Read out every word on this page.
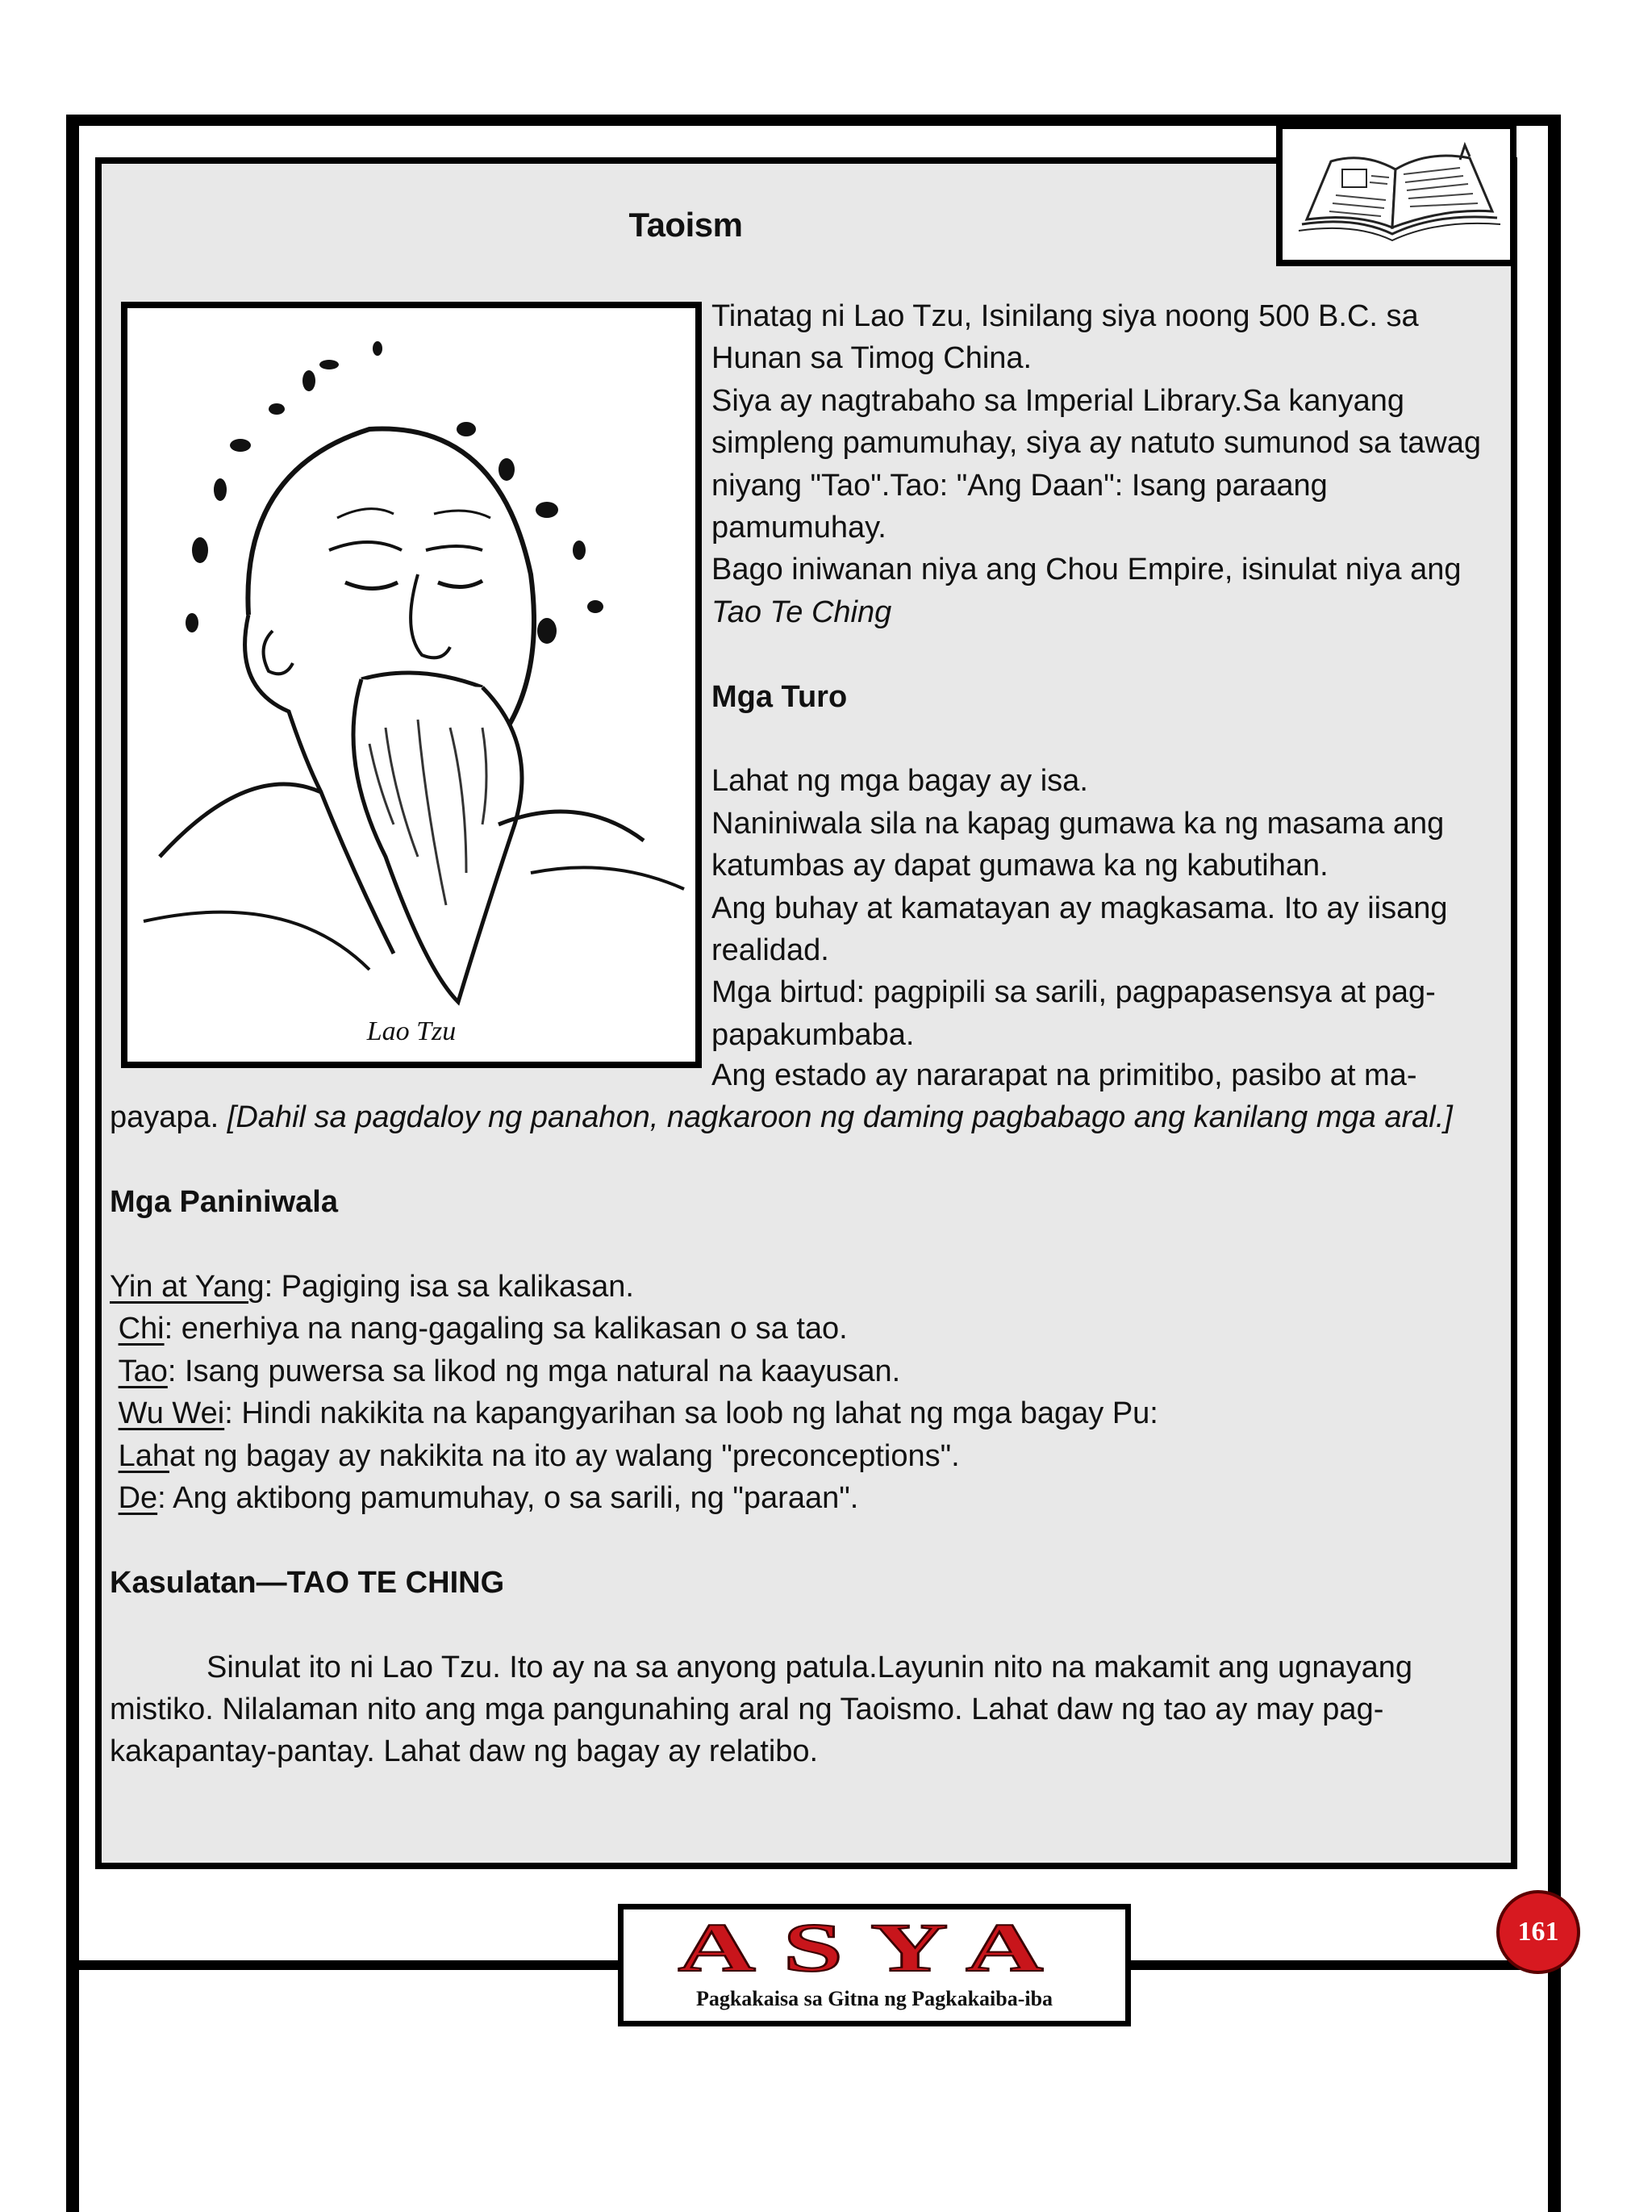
Taoism
Lao Tzu

Tinatag ni Lao Tzu, Isinilang siya noong 500 B.C. sa Hunan sa Timog China.

Siya ay nagtrabaho sa Imperial Library.Sa kanyang simpleng pamumuhay, siya ay natuto sumunod sa tawag niyang "Tao".Tao: "Ang Daan": Isang paraang pamumuhay.

Bago iniwanan niya ang Chou Empire, isinulat niya ang Tao Te Ching

Mga Turo

Lahat ng mga bagay ay isa.

Naniniwala sila na kapag gumawa ka ng masama ang katumbas ay dapat gumawa ka ng kabutihan.

Ang buhay at kamatayan ay magkasama. Ito ay iisang realidad.

Mga birtud: pagpipili sa sarili, pagpapasensya at pag-papakumbaba.

Ang estado ay nararapat na primitibo, pasibo at ma-

payapa. [Dahil sa pagdaloy ng panahon, nagkaroon ng daming pagbabago ang kanilang mga aral.]

Mga Paniniwala

Yin at Yang: Pagiging isa sa kalikasan.

Chi: enerhiya na nang-gagaling sa kalikasan o sa tao.

Tao: Isang puwersa sa likod ng mga natural na kaayusan.

Wu Wei: Hindi nakikita na kapangyarihan sa loob ng lahat ng mga bagay Pu:

Lahat ng bagay ay nakikita na ito ay walang "preconceptions".

De: Ang aktibong pamumuhay, o sa sarili, ng "paraan".

Kasulatan—TAO TE CHING

Sinulat ito ni Lao Tzu. Ito ay na sa anyong patula.Layunin nito na makamit ang ugnayang mistiko. Nilalaman nito ang mga pangunahing aral ng Taoismo. Lahat daw ng tao ay may pag-kakapantay-pantay. Lahat daw ng bagay ay relatibo.

ASYA
Pagkakaisa sa Gitna ng Pagkakaiba-iba
161
